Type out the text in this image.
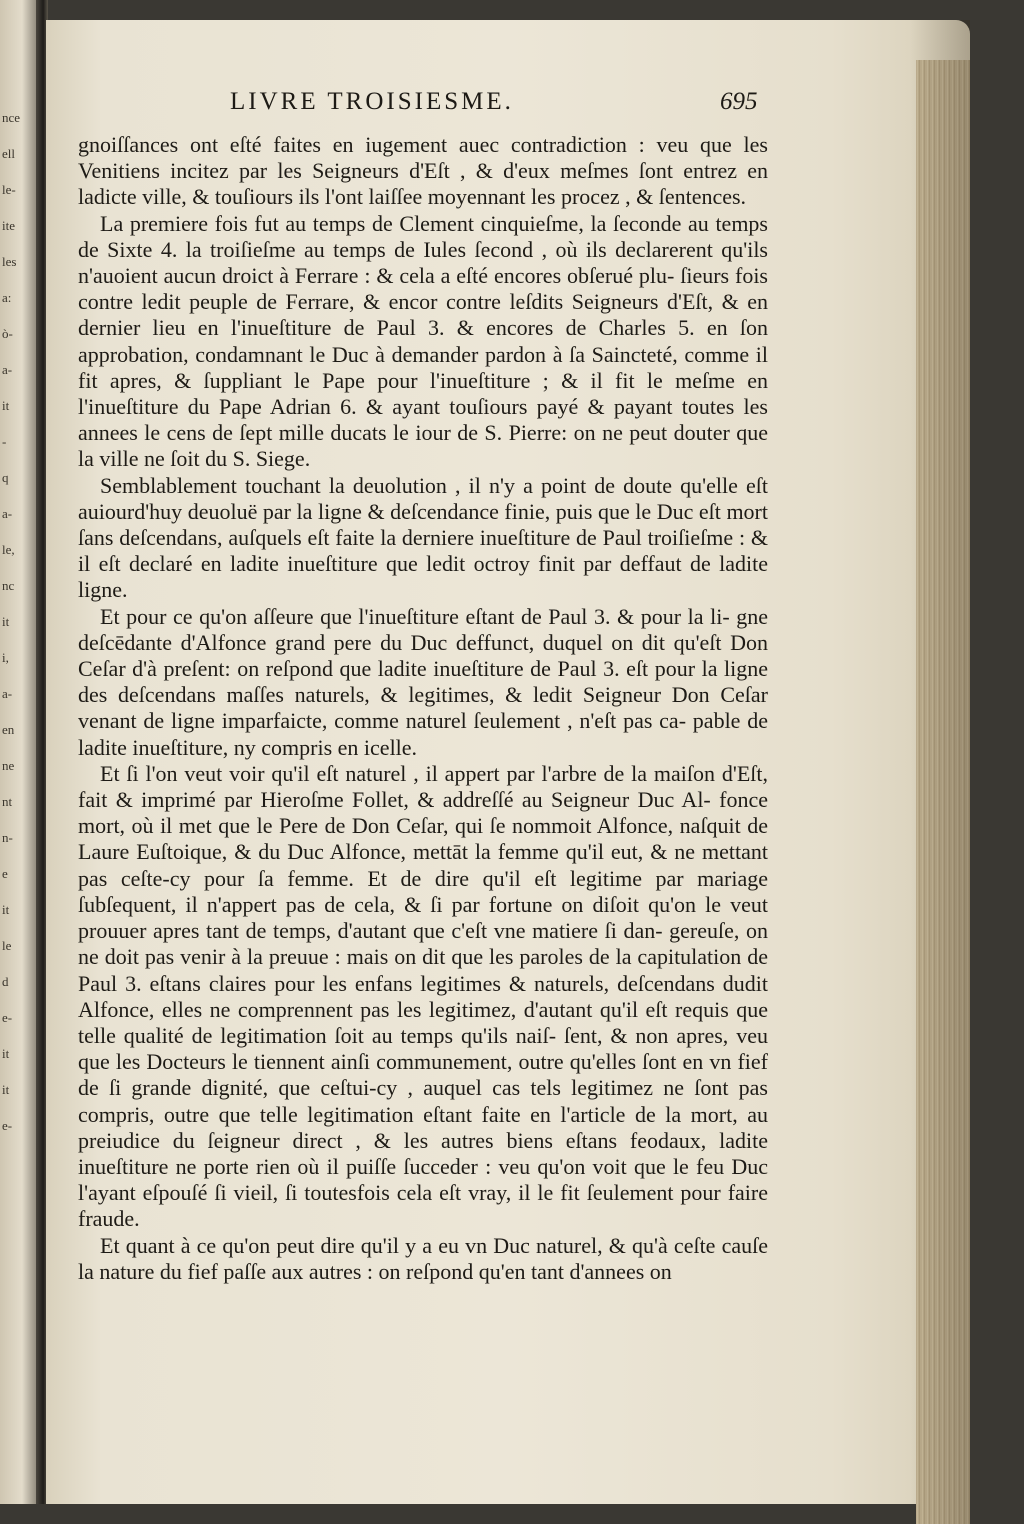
nce
ell
le-
ite
les
a:
ò-
a-
it
-
q
a-
le,
nc
it
i,
a-
en
ne
nt
n-
e
it
le
d
e-
it
it
e-
LIVRE TROISIESME.	695

gnoiſſances ont eſté faites en iugement auec contradiction : veu que les Venitiens incitez par les Seigneurs d'Eſt , & d'eux meſmes ſont entrez en ladicte ville, & touſiours ils l'ont laiſſee moyennant les procez , & ſentences.

La premiere fois fut au temps de Clement cinquieſme, la ſeconde au temps de Sixte 4. la troiſieſme au temps de Iules ſecond , où ils declarerent qu'ils n'auoient aucun droict à Ferrare : & cela a eſté encores obſerué plu- ſieurs fois contre ledit peuple de Ferrare, & encor contre leſdits Seigneurs d'Eſt, & en dernier lieu en l'inueſtiture de Paul 3. & encores de Charles 5. en ſon approbation, condamnant le Duc à demander pardon à ſa Saincteté, comme il fit apres, & ſuppliant le Pape pour l'inueſtiture ; & il fit le meſme en l'inueſtiture du Pape Adrian 6. & ayant touſiours payé & payant toutes les annees le cens de ſept mille ducats le iour de S. Pierre: on ne peut douter que la ville ne ſoit du S. Siege.

Semblablement touchant la deuolution , il n'y a point de doute qu'elle eſt auiourd'huy deuoluë par la ligne & deſcendance finie, puis que le Duc eſt mort ſans deſcendans, auſquels eſt faite la derniere inueſtiture de Paul troiſieſme : & il eſt declaré en ladite inueſtiture que ledit octroy finit par deffaut de ladite ligne.

Et pour ce qu'on aſſeure que l'inueſtiture eſtant de Paul 3. & pour la li- gne deſcēdante d'Alfonce grand pere du Duc deffunct, duquel on dit qu'eſt Don Ceſar d'à preſent: on reſpond que ladite inueſtiture de Paul 3. eſt pour la ligne des deſcendans maſſes naturels, & legitimes, & ledit Seigneur Don Ceſar venant de ligne imparfaicte, comme naturel ſeulement , n'eſt pas ca- pable de ladite inueſtiture, ny compris en icelle.

Et ſi l'on veut voir qu'il eſt naturel , il appert par l'arbre de la maiſon d'Eſt, fait & imprimé par Hieroſme Follet, & addreſſé au Seigneur Duc Al- fonce mort, où il met que le Pere de Don Ceſar, qui ſe nommoit Alfonce, naſquit de Laure Euſtoique, & du Duc Alfonce, mettāt la femme qu'il eut, & ne mettant pas ceſte-cy pour ſa femme. Et de dire qu'il eſt legitime par mariage ſubſequent, il n'appert pas de cela, & ſi par fortune on diſoit qu'on le veut prouuer apres tant de temps, d'autant que c'eſt vne matiere ſi dan- gereuſe, on ne doit pas venir à la preuue : mais on dit que les paroles de la capitulation de Paul 3. eſtans claires pour les enfans legitimes & naturels, deſcendans dudit Alfonce, elles ne comprennent pas les legitimez, d'autant qu'il eſt requis que telle qualité de legitimation ſoit au temps qu'ils naiſ- ſent, & non apres, veu que les Docteurs le tiennent ainſi communement, outre qu'elles ſont en vn fief de ſi grande dignité, que ceſtui-cy , auquel cas tels legitimez ne ſont pas compris, outre que telle legitimation eſtant faite en l'article de la mort, au preiudice du ſeigneur direct , & les autres biens eſtans feodaux, ladite inueſtiture ne porte rien où il puiſſe ſucceder : veu qu'on voit que le feu Duc l'ayant eſpouſé ſi vieil, ſi toutesfois cela eſt vray, il le fit ſeulement pour faire fraude.

Et quant à ce qu'on peut dire qu'il y a eu vn Duc naturel, & qu'à ceſte cauſe la nature du fief paſſe aux autres : on reſpond qu'en tant d'annees on
